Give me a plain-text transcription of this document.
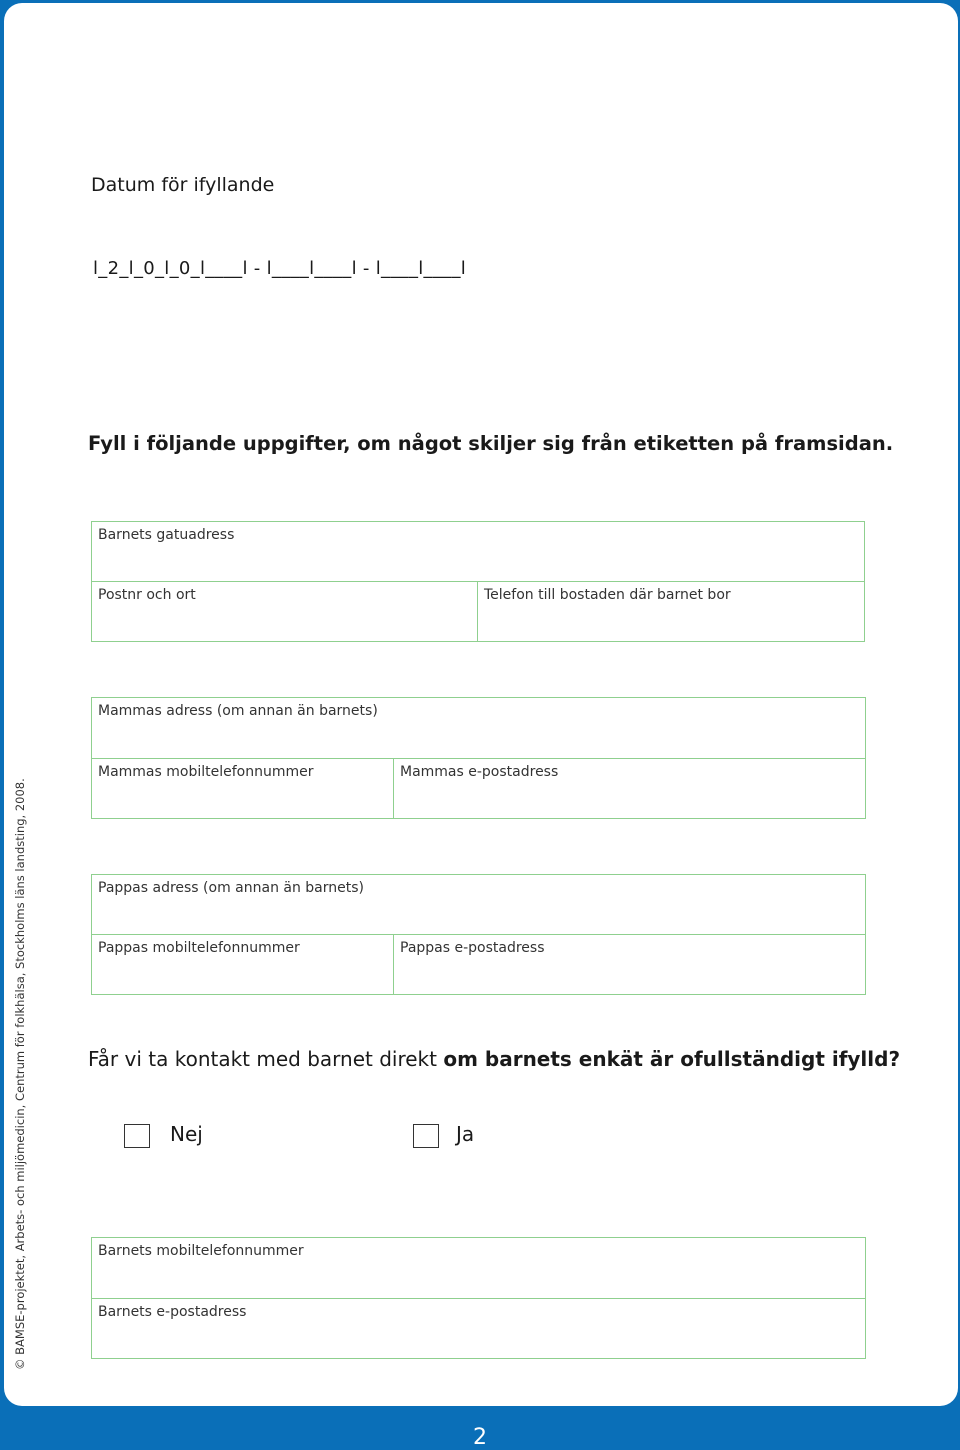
Datum för ifyllande
l_2_l_0_l_0_l____l - l____l____l - l____l____l
Fyll i följande uppgifter, om något skiljer sig från etiketten på framsidan.
Barnets gatuadress
Postnr och ort	Telefon till bostaden där barnet bor
Mammas adress (om annan än barnets)
Mammas mobiltelefonnummer	Mammas e-postadress
Pappas adress (om annan än barnets)
Pappas mobiltelefonnummer	Pappas e-postadress
Får vi ta kontakt med barnet direkt om barnets enkät är ofullständigt ifylld?
Nej	Ja
Barnets mobiltelefonnummer
Barnets e-postadress
© BAMSE-projektet, Arbets- och miljömedicin, Centrum för folkhälsa, Stockholms läns landsting, 2008.
2
